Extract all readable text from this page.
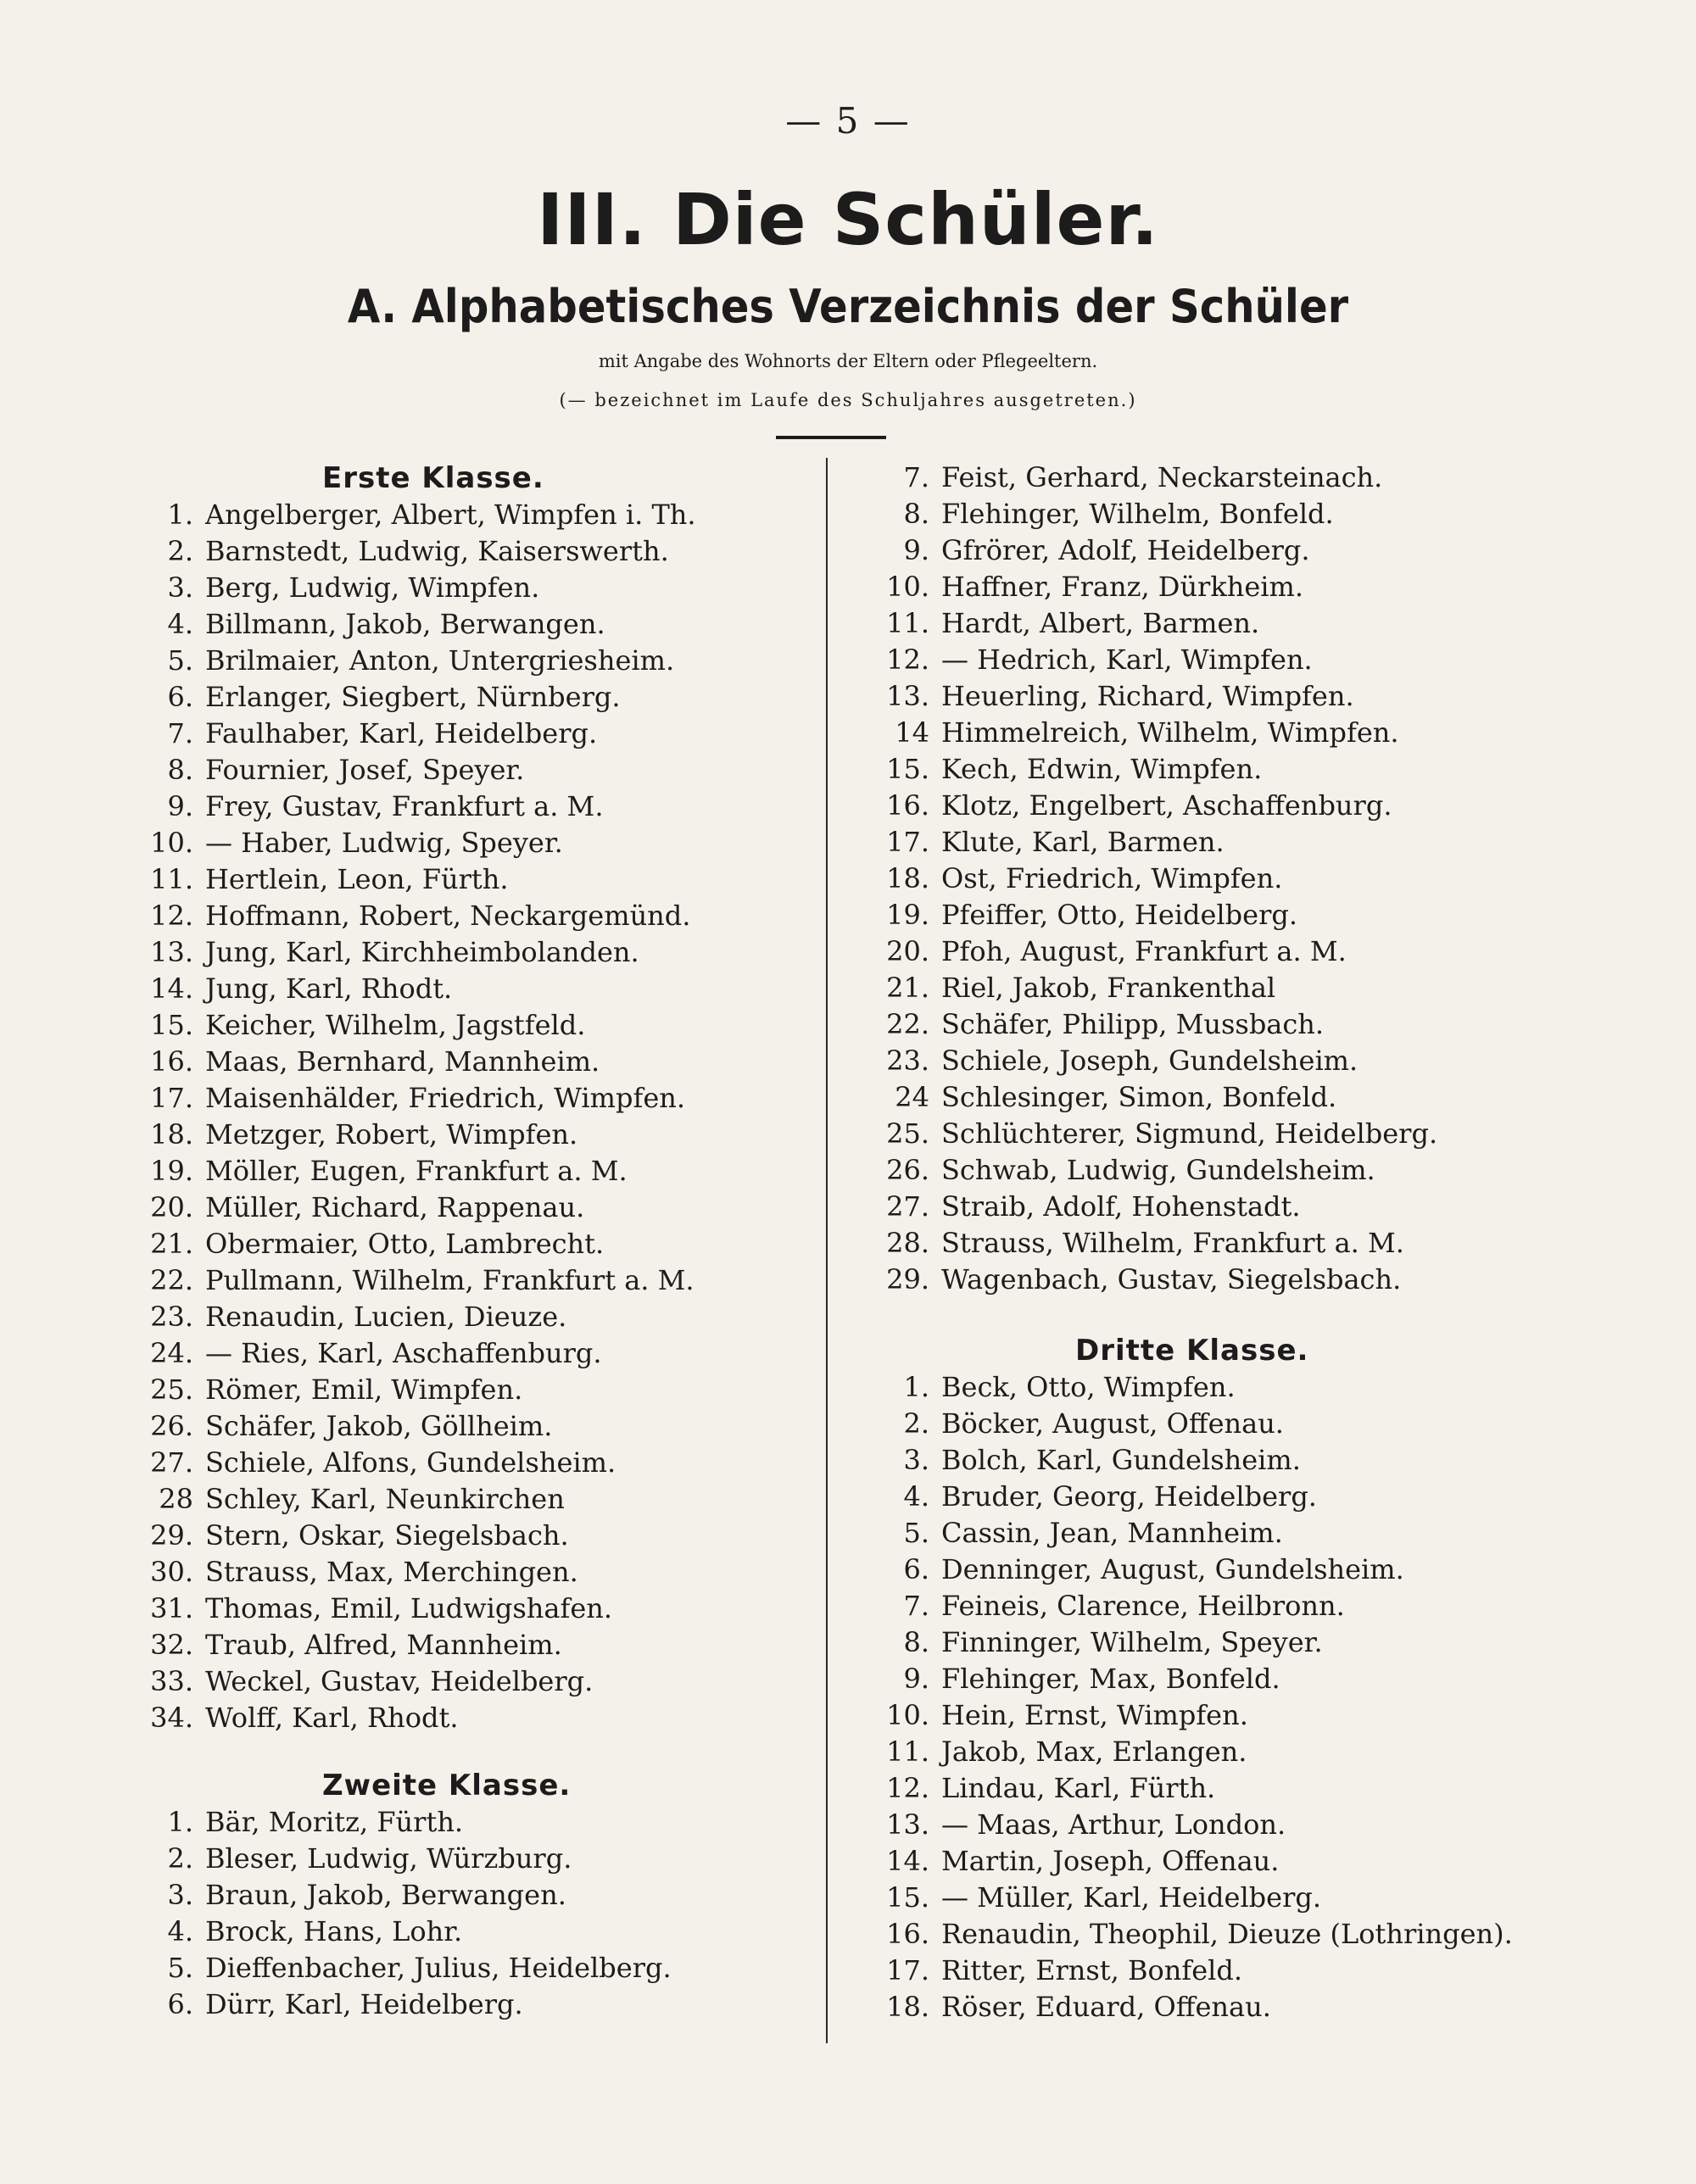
— 5 —
III. Die Schüler.
A. Alphabetisches Verzeichnis der Schüler
mit Angabe des Wohnorts der Eltern oder Pflegeeltern.
(— bezeichnet im Laufe des Schuljahres ausgetreten.)
Erste Klasse.
1. Angelberger, Albert, Wimpfen i. Th.
2. Barnstedt, Ludwig, Kaiserswerth.
3. Berg, Ludwig, Wimpfen.
4. Billmann, Jakob, Berwangen.
5. Brilmaier, Anton, Untergriesheim.
6. Erlanger, Siegbert, Nürnberg.
7. Faulhaber, Karl, Heidelberg.
8. Fournier, Josef, Speyer.
9. Frey, Gustav, Frankfurt a. M.
10. — Haber, Ludwig, Speyer.
11. Hertlein, Leon, Fürth.
12. Hoffmann, Robert, Neckargemünd.
13. Jung, Karl, Kirchheimbolanden.
14. Jung, Karl, Rhodt.
15. Keicher, Wilhelm, Jagstfeld.
16. Maas, Bernhard, Mannheim.
17. Maisenhälder, Friedrich, Wimpfen.
18. Metzger, Robert, Wimpfen.
19. Möller, Eugen, Frankfurt a. M.
20. Müller, Richard, Rappenau.
21. Obermaier, Otto, Lambrecht.
22. Pullmann, Wilhelm, Frankfurt a. M.
23. Renaudin, Lucien, Dieuze.
24. — Ries, Karl, Aschaffenburg.
25. Römer, Emil, Wimpfen.
26. Schäfer, Jakob, Göllheim.
27. Schiele, Alfons, Gundelsheim.
28 Schley, Karl, Neunkirchen
29. Stern, Oskar, Siegelsbach.
30. Strauss, Max, Merchingen.
31. Thomas, Emil, Ludwigshafen.
32. Traub, Alfred, Mannheim.
33. Weckel, Gustav, Heidelberg.
34. Wolff, Karl, Rhodt.
Zweite Klasse.
1. Bär, Moritz, Fürth.
2. Bleser, Ludwig, Würzburg.
3. Braun, Jakob, Berwangen.
4. Brock, Hans, Lohr.
5. Dieffenbacher, Julius, Heidelberg.
6. Dürr, Karl, Heidelberg.
7. Feist, Gerhard, Neckarsteinach.
8. Flehinger, Wilhelm, Bonfeld.
9. Gfrörer, Adolf, Heidelberg.
10. Haffner, Franz, Dürkheim.
11. Hardt, Albert, Barmen.
12. — Hedrich, Karl, Wimpfen.
13. Heuerling, Richard, Wimpfen.
14 Himmelreich, Wilhelm, Wimpfen.
15. Kech, Edwin, Wimpfen.
16. Klotz, Engelbert, Aschaffenburg.
17. Klute, Karl, Barmen.
18. Ost, Friedrich, Wimpfen.
19. Pfeiffer, Otto, Heidelberg.
20. Pfoh, August, Frankfurt a. M.
21. Riel, Jakob, Frankenthal
22. Schäfer, Philipp, Mussbach.
23. Schiele, Joseph, Gundelsheim.
24 Schlesinger, Simon, Bonfeld.
25. Schlüchterer, Sigmund, Heidelberg.
26. Schwab, Ludwig, Gundelsheim.
27. Straib, Adolf, Hohenstadt.
28. Strauss, Wilhelm, Frankfurt a. M.
29. Wagenbach, Gustav, Siegelsbach.
Dritte Klasse.
1. Beck, Otto, Wimpfen.
2. Böcker, August, Offenau.
3. Bolch, Karl, Gundelsheim.
4. Bruder, Georg, Heidelberg.
5. Cassin, Jean, Mannheim.
6. Denninger, August, Gundelsheim.
7. Feineis, Clarence, Heilbronn.
8. Finninger, Wilhelm, Speyer.
9. Flehinger, Max, Bonfeld.
10. Hein, Ernst, Wimpfen.
11. Jakob, Max, Erlangen.
12. Lindau, Karl, Fürth.
13. — Maas, Arthur, London.
14. Martin, Joseph, Offenau.
15. — Müller, Karl, Heidelberg.
16. Renaudin, Theophil, Dieuze (Lothringen).
17. Ritter, Ernst, Bonfeld.
18. Röser, Eduard, Offenau.
